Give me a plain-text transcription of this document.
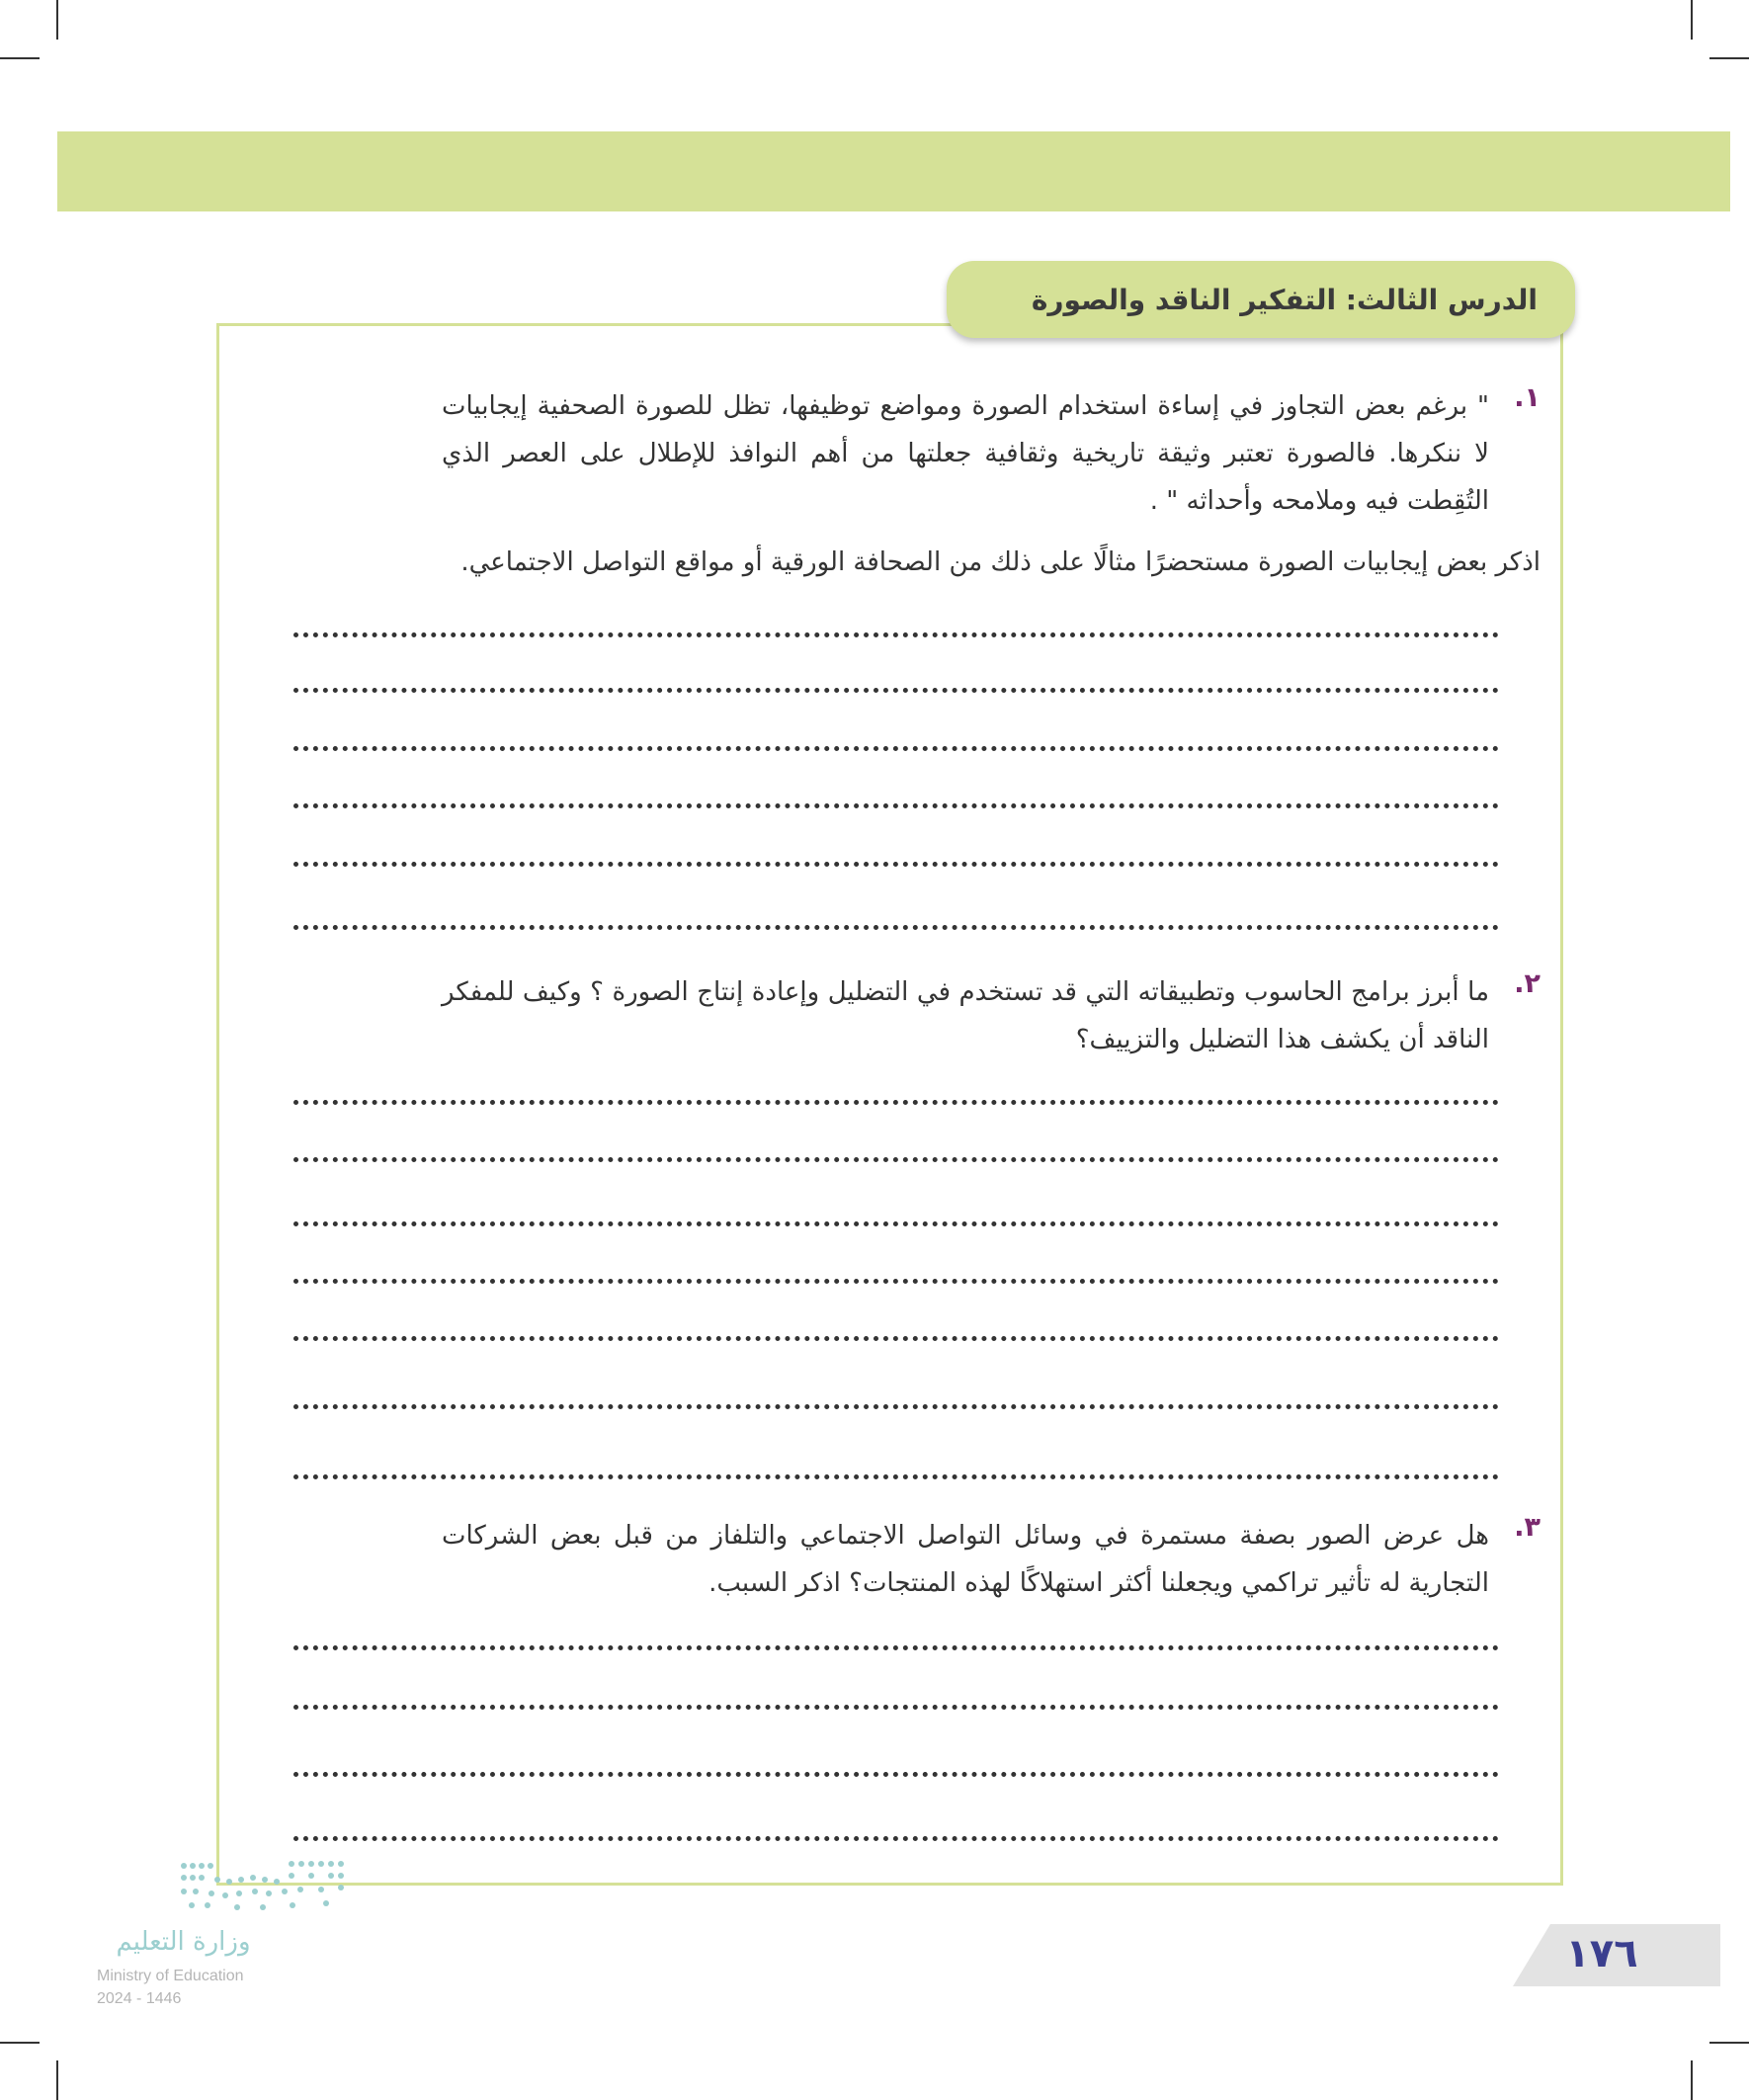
الدرس الثالث: التفكير الناقد والصورة
١.
" برغم بعض التجاوز في إساءة استخدام الصورة ومواضع توظيفها، تظل للصورة الصحفية إيجابيات لا ننكرها. فالصورة تعتبر وثيقة تاريخية وثقافية جعلتها من أهم النوافذ للإطلال على العصر الذي التُقِطت فيه وملامحه وأحداثه " .
اذكر بعض إيجابيات الصورة مستحضرًا مثالًا على ذلك من الصحافة الورقية أو مواقع التواصل الاجتماعي.
٢.
ما أبرز برامج الحاسوب وتطبيقاته التي قد تستخدم في التضليل وإعادة إنتاج الصورة ؟ وكيف للمفكر الناقد أن يكشف هذا التضليل والتزييف؟
٣.
هل عرض الصور بصفة مستمرة في وسائل التواصل الاجتماعي والتلفاز من قبل بعض الشركات التجارية له تأثير تراكمي ويجعلنا أكثر استهلاكًا لهذه المنتجات؟ اذكر السبب.
وزارة التعليم
Ministry of Education
2024 - 1446
١٧٦
